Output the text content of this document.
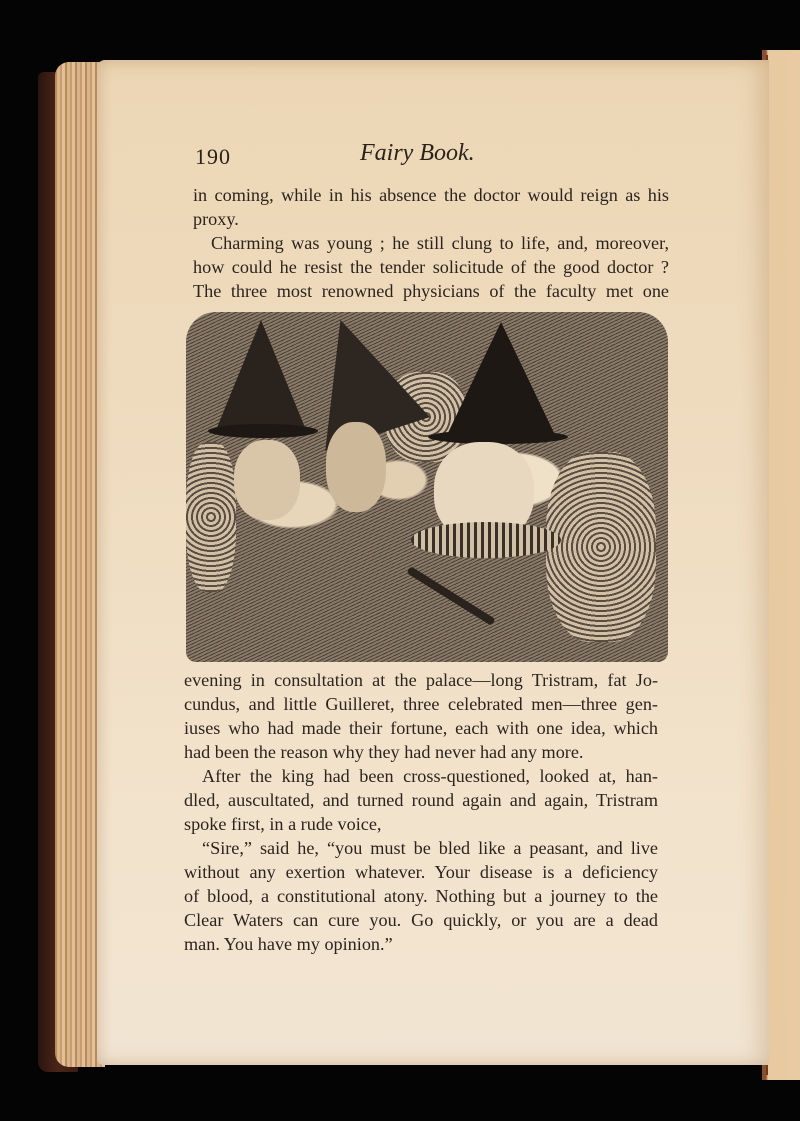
190	Fairy Book.
in coming, while in his absence the doctor would reign as his
proxy.
Charming was young ; he still clung to life, and, moreover,
how could he resist the tender solicitude of the good doctor ?
The three most renowned physicians of the faculty met one
evening in consultation at the palace—long Tristram, fat Jo-
cundus, and little Guilleret, three celebrated men—three gen-
iuses who had made their fortune, each with one idea, which
had been the reason why they had never had any more.
After the king had been cross-questioned, looked at, han-
dled, auscultated, and turned round again and again, Tristram
spoke first, in a rude voice,
“Sire,” said he, “you must be bled like a peasant, and live
without any exertion whatever. Your disease is a deficiency
of blood, a constitutional atony. Nothing but a journey to the
Clear Waters can cure you. Go quickly, or you are a dead
man. You have my opinion.”
